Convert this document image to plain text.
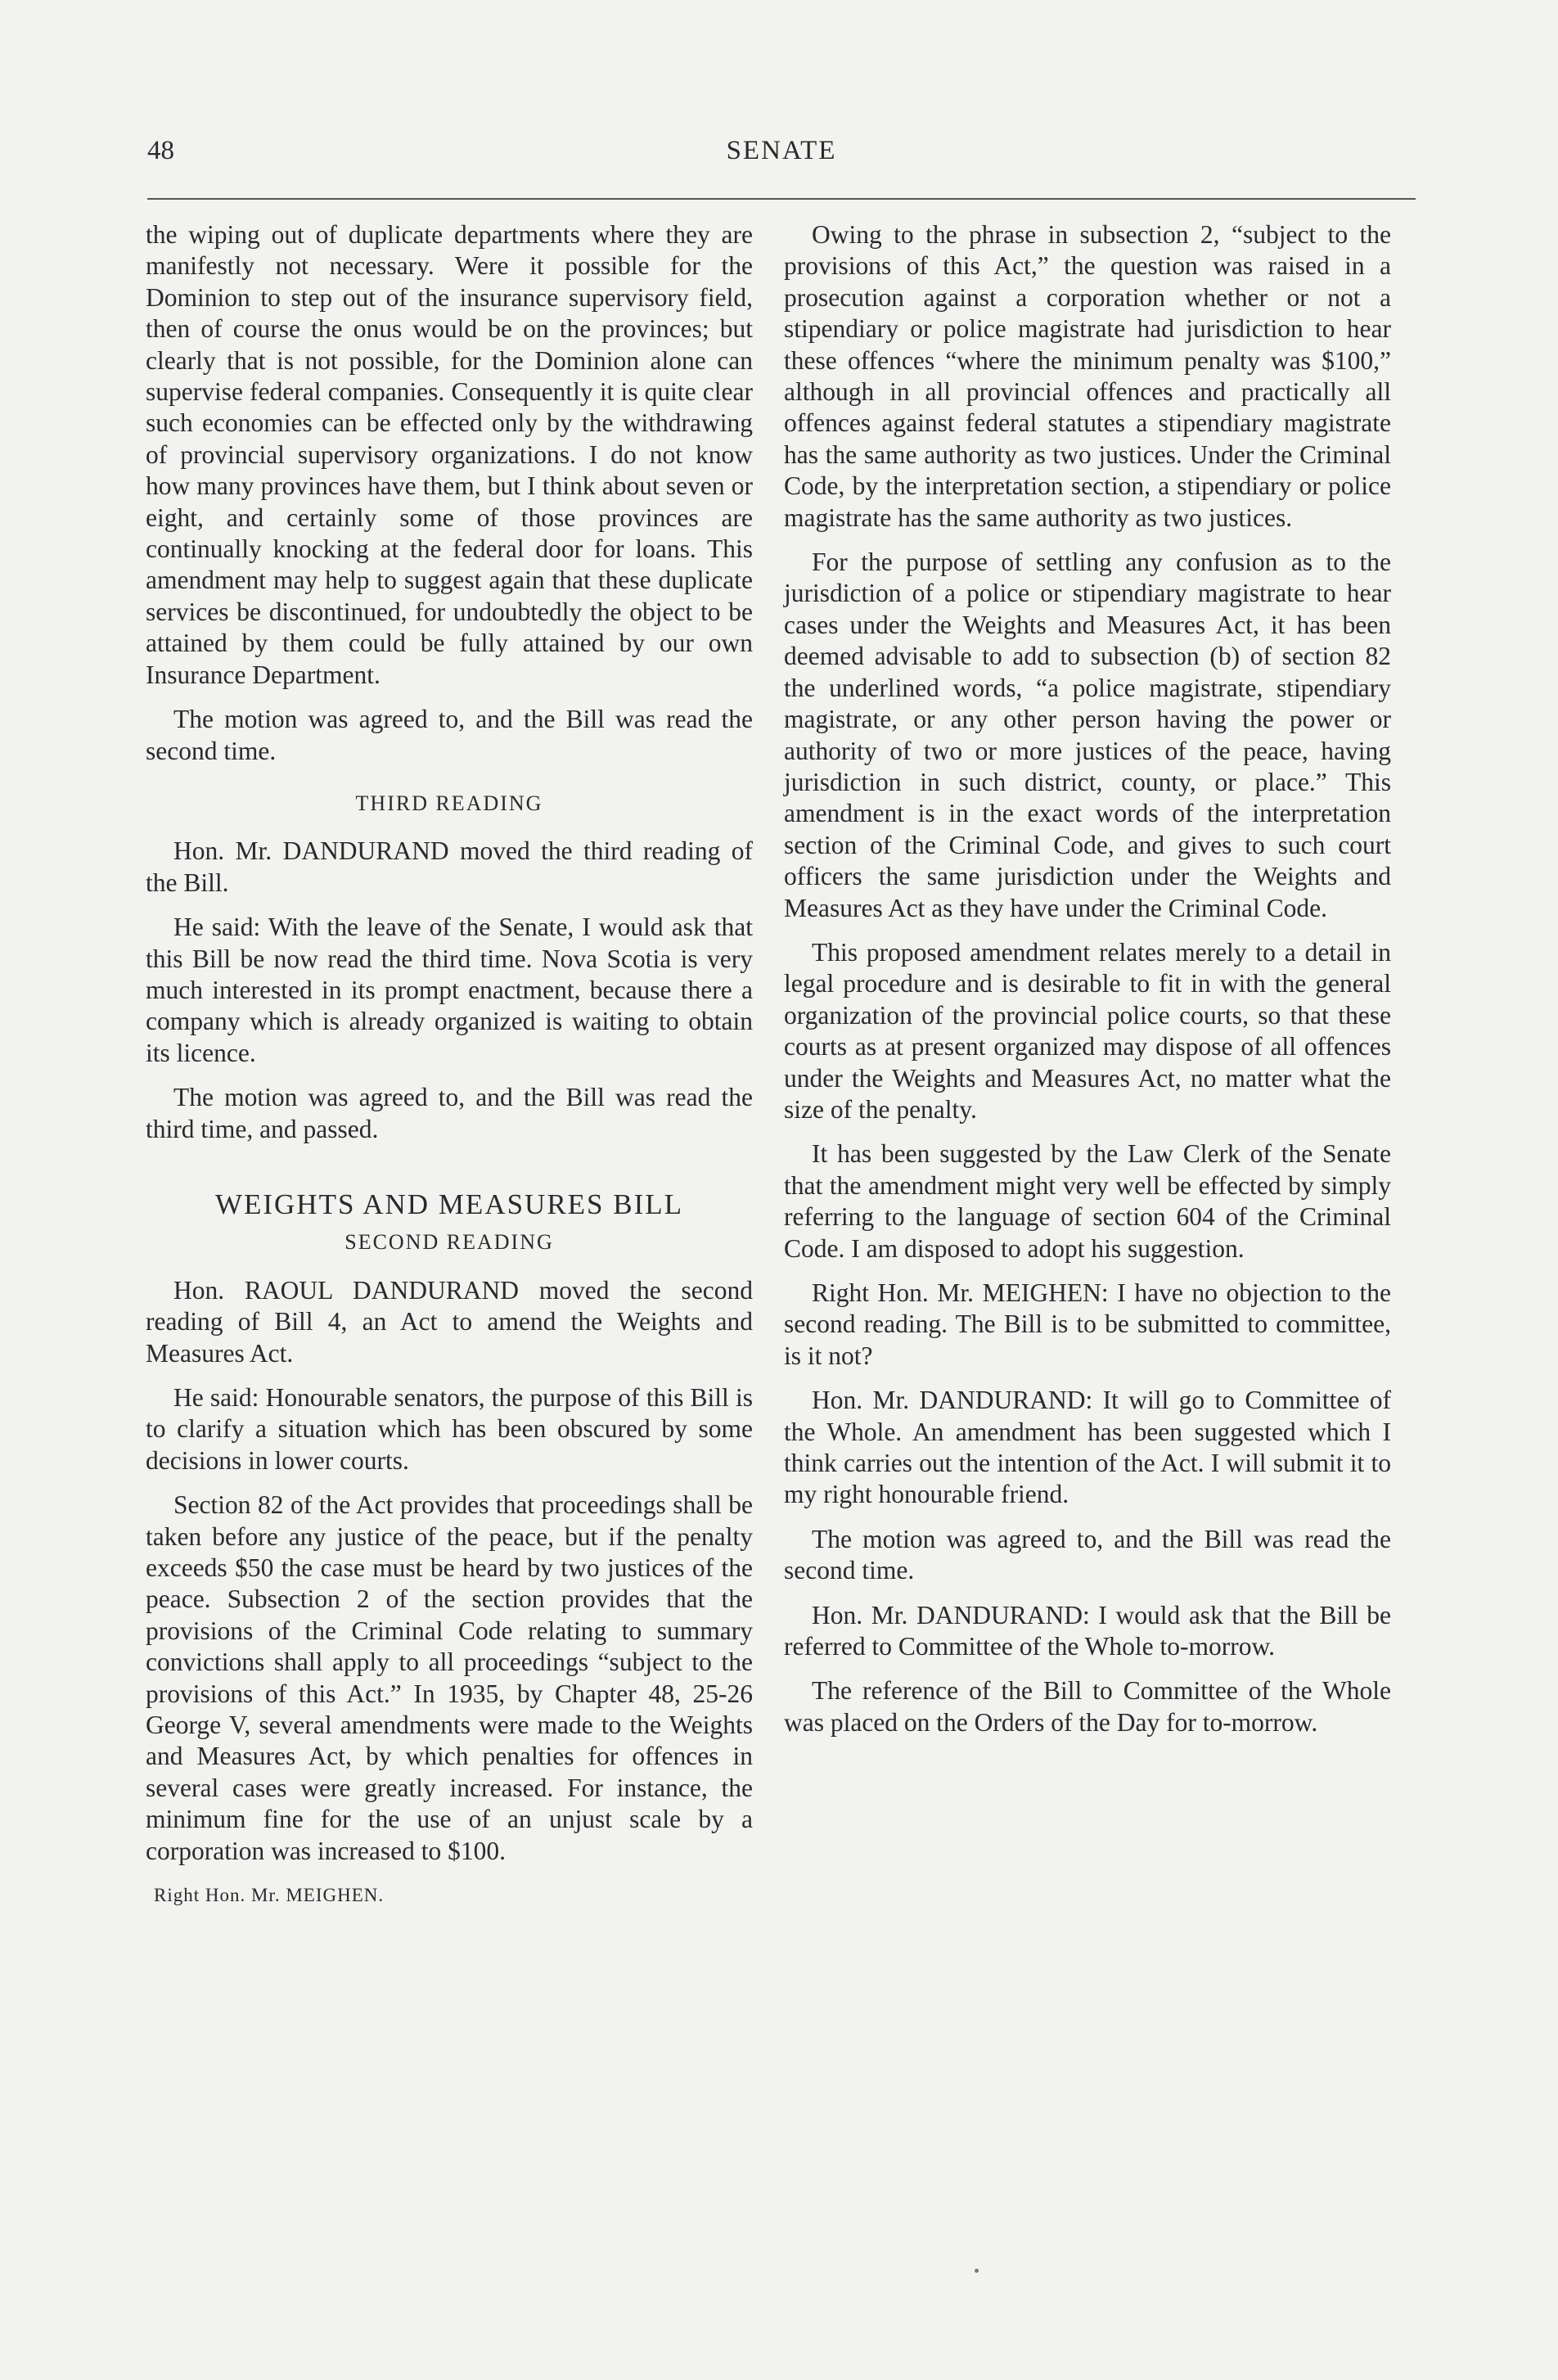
48	SENATE

the wiping out of duplicate departments where they are manifestly not necessary. Were it possible for the Dominion to step out of the insurance supervisory field, then of course the onus would be on the provinces; but clearly that is not possible, for the Dominion alone can supervise federal companies. Consequently it is quite clear such economies can be effected only by the withdrawing of provincial supervisory organizations. I do not know how many provinces have them, but I think about seven or eight, and certainly some of those provinces are continually knocking at the federal door for loans. This amendment may help to suggest again that these duplicate services be discontinued, for undoubtedly the object to be attained by them could be fully attained by our own Insurance Department.

The motion was agreed to, and the Bill was read the second time.

THIRD READING

Hon. Mr. DANDURAND moved the third reading of the Bill.

He said: With the leave of the Senate, I would ask that this Bill be now read the third time. Nova Scotia is very much interested in its prompt enactment, because there a company which is already organized is waiting to obtain its licence.

The motion was agreed to, and the Bill was read the third time, and passed.

WEIGHTS AND MEASURES BILL
SECOND READING

Hon. RAOUL DANDURAND moved the second reading of Bill 4, an Act to amend the Weights and Measures Act.

He said: Honourable senators, the purpose of this Bill is to clarify a situation which has been obscured by some decisions in lower courts.

Section 82 of the Act provides that proceedings shall be taken before any justice of the peace, but if the penalty exceeds $50 the case must be heard by two justices of the peace. Subsection 2 of the section provides that the provisions of the Criminal Code relating to summary convictions shall apply to all proceedings “subject to the provisions of this Act.” In 1935, by Chapter 48, 25-26 George V, several amendments were made to the Weights and Measures Act, by which penalties for offences in several cases were greatly increased. For instance, the minimum fine for the use of an unjust scale by a corporation was increased to $100.

Right Hon. Mr. MEIGHEN.

Owing to the phrase in subsection 2, “subject to the provisions of this Act,” the question was raised in a prosecution against a corporation whether or not a stipendiary or police magistrate had jurisdiction to hear these offences “where the minimum penalty was $100,” although in all provincial offences and practically all offences against federal statutes a stipendiary magistrate has the same authority as two justices. Under the Criminal Code, by the interpretation section, a stipendiary or police magistrate has the same authority as two justices.

For the purpose of settling any confusion as to the jurisdiction of a police or stipendiary magistrate to hear cases under the Weights and Measures Act, it has been deemed advisable to add to subsection (b) of section 82 the underlined words, “a police magistrate, stipendiary magistrate, or any other person having the power or authority of two or more justices of the peace, having jurisdiction in such district, county, or place.” This amendment is in the exact words of the interpretation section of the Criminal Code, and gives to such court officers the same jurisdiction under the Weights and Measures Act as they have under the Criminal Code.

This proposed amendment relates merely to a detail in legal procedure and is desirable to fit in with the general organization of the provincial police courts, so that these courts as at present organized may dispose of all offences under the Weights and Measures Act, no matter what the size of the penalty.

It has been suggested by the Law Clerk of the Senate that the amendment might very well be effected by simply referring to the language of section 604 of the Criminal Code. I am disposed to adopt his suggestion.

Right Hon. Mr. MEIGHEN: I have no objection to the second reading. The Bill is to be submitted to committee, is it not?

Hon. Mr. DANDURAND: It will go to Committee of the Whole. An amendment has been suggested which I think carries out the intention of the Act. I will submit it to my right honourable friend.

The motion was agreed to, and the Bill was read the second time.

Hon. Mr. DANDURAND: I would ask that the Bill be referred to Committee of the Whole to-morrow.

The reference of the Bill to Committee of the Whole was placed on the Orders of the Day for to-morrow.
